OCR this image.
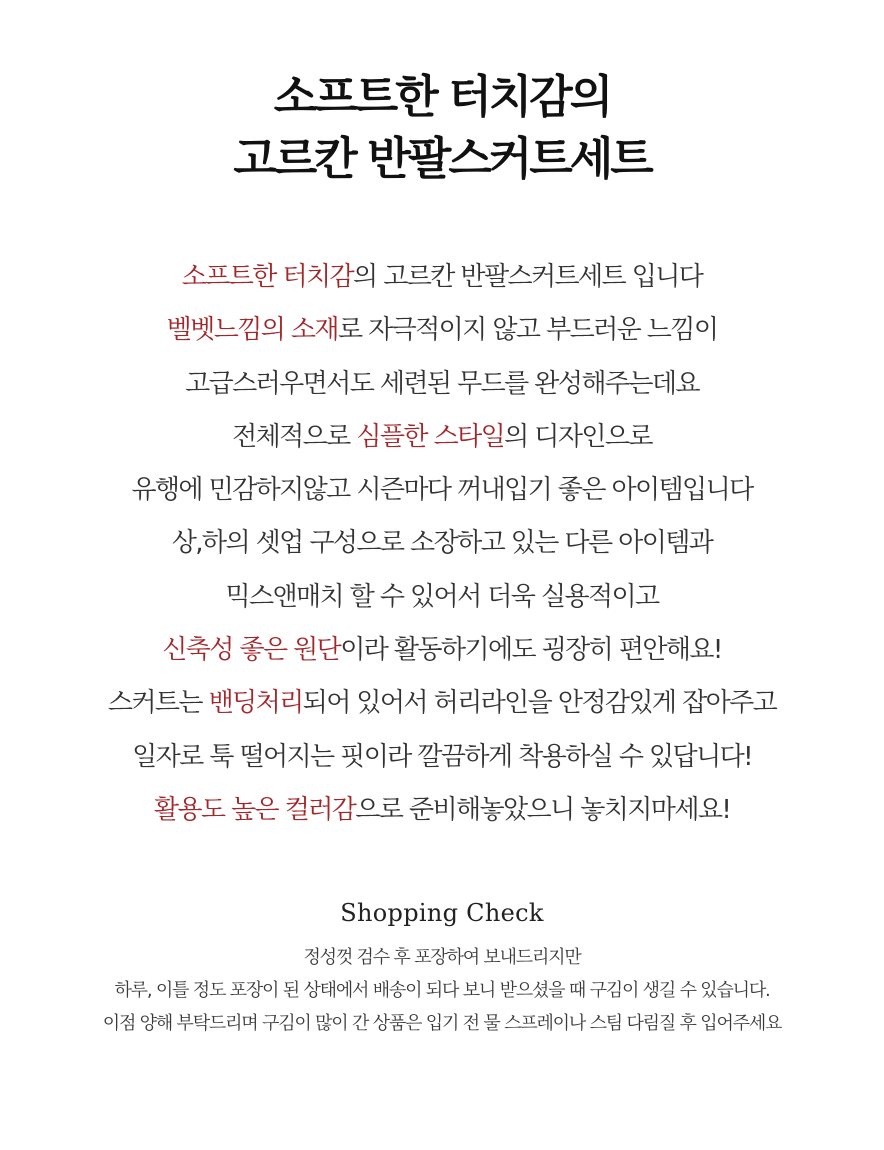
소프트한 터치감의
고르칸 반팔스커트세트
소프트한 터치감의 고르칸 반팔스커트세트 입니다
벨벳느낌의 소재로 자극적이지 않고 부드러운 느낌이
고급스러우면서도 세련된 무드를 완성해주는데요
전체적으로 심플한 스타일의 디자인으로
유행에 민감하지않고 시즌마다 꺼내입기 좋은 아이템입니다
상,하의 셋업 구성으로 소장하고 있는 다른 아이템과
믹스앤매치 할 수 있어서 더욱 실용적이고
신축성 좋은 원단이라 활동하기에도 굉장히 편안해요!
스커트는 밴딩처리되어 있어서 허리라인을 안정감있게 잡아주고
일자로 툭 떨어지는 핏이라 깔끔하게 착용하실 수 있답니다!
활용도 높은 컬러감으로 준비해놓았으니 놓치지마세요!
Shopping Check
정성껏 검수 후 포장하여 보내드리지만
하루, 이틀 정도 포장이 된 상태에서 배송이 되다 보니 받으셨을 때 구김이 생길 수 있습니다.
이점 양해 부탁드리며 구김이 많이 간 상품은 입기 전 물 스프레이나 스팀 다림질 후 입어주세요
